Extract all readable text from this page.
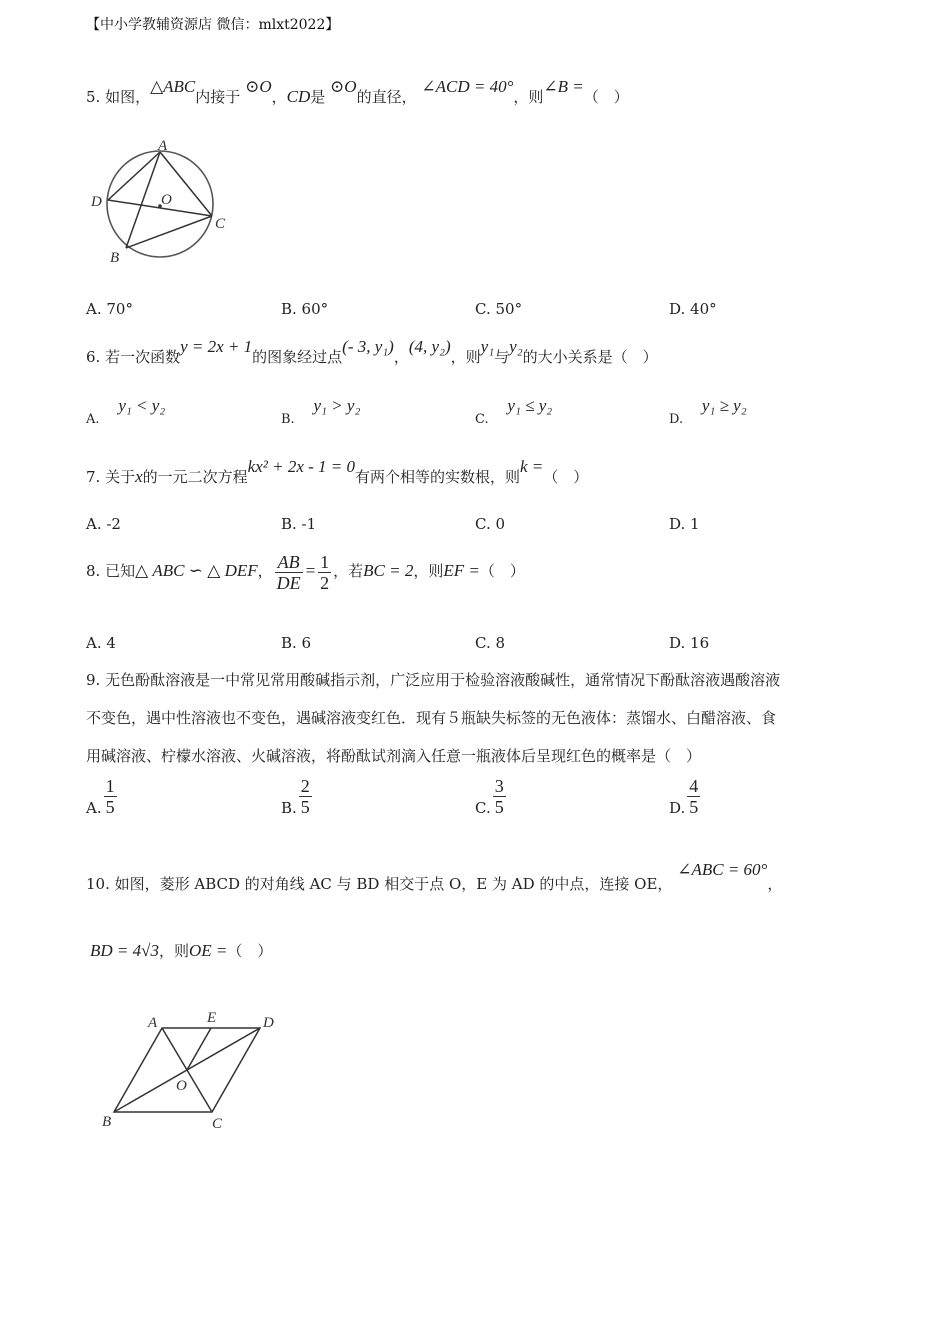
【中小学教辅资源店 微信：mlxt2022】
5. 如图，△ABC内接于 ⊙O，CD是 ⊙O的直径， ∠ACD = 40°，则∠B =（　）
A
D	O
C
B
A. 70°	B. 60°	C. 50°	D. 40°
6. 若一次函数y = 2x + 1的图象经过点(- 3, y₁)，(4, y₂)，则y₁与y₂的大小关系是（　）
A. y₁ < y₂
B. y₁ > y₂
C. y₁ ≤ y₂
D. y₁ ≥ y₂
7. 关于x的一元二次方程kx² + 2x - 1 = 0有两个相等的实数根，则k =（　）
A. -2	B. -1	C. 0	D. 1
8. 已知△ ABC ∽ △ DEF， $\frac{AB}{DE} = \frac{1}{2}$ ，若BC = 2，则EF =（　）
A. 4	B. 6	C. 8	D. 16
9. 无色酚酞溶液是一中常见常用酸碱指示剂，广泛应用于检验溶液酸碱性，通常情况下酚酞溶液遇酸溶液
不变色，遇中性溶液也不变色，遇碱溶液变红色．现有５瓶缺失标签的无色液体：蒸馏水、白醋溶液、食
用碱溶液、柠檬水溶液、火碱溶液，将酚酞试剂滴入任意一瓶液体后呈现红色的概率是（　）
A. $\frac{1}{5}$	B. $\frac{2}{5}$	C. $\frac{3}{5}$	D. $\frac{4}{5}$
10. 如图，菱形 ABCD 的对角线 AC 与 BD 相交于点 O，E 为 AD 的中点，连接 OE， ∠ABC = 60°，
BD = 4√3，则OE =（　）
A	E	D
O
B	C
